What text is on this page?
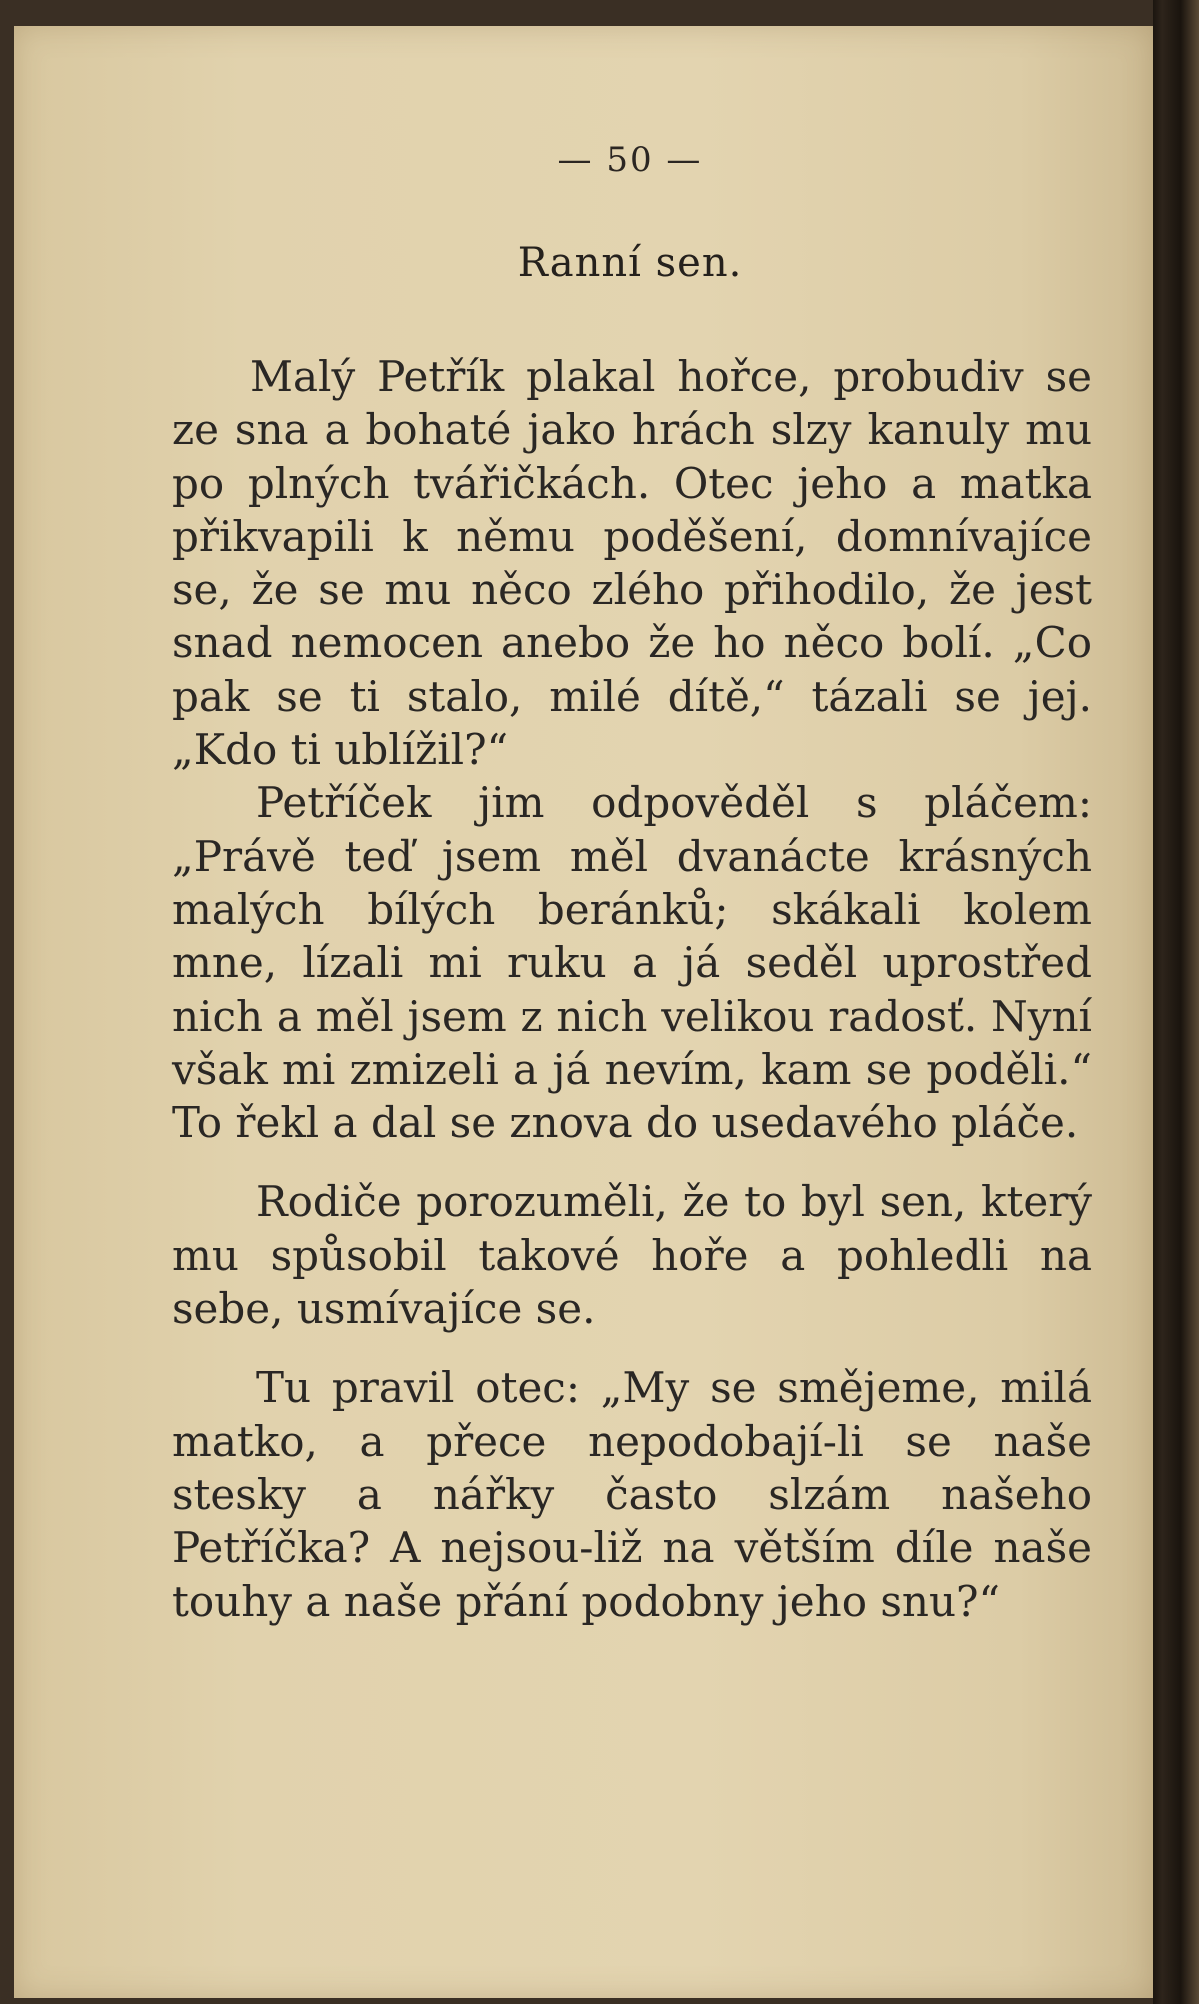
— 50 —
Ranní sen.

Malý Petřík plakal hořce, probudiv se ze sna a bohaté jako hrách slzy kanuly mu po plných tvářičkách. Otec jeho a matka přikvapili k němu poděšení, domnívajíce se, že se mu něco zlého přihodilo, že jest snad nemocen anebo že ho něco bolí. „Co pak se ti stalo, milé dítě,“ tázali se jej. „Kdo ti ublížil?“

Petříček jim odpověděl s pláčem: „Právě teď jsem měl dvanácte krásných malých bílých beránků; skákali kolem mne, lízali mi ruku a já seděl uprostřed nich a měl jsem z nich velikou radosť. Nyní však mi zmizeli a já nevím, kam se poděli.“ To řekl a dal se znova do usedavého pláče.

Rodiče porozuměli, že to byl sen, který mu spůsobil takové hoře a pohledli na sebe, usmívajíce se.

Tu pravil otec: „My se smějeme, milá matko, a přece nepodobají-li se naše stesky a nářky často slzám našeho Petříčka? A nejsou-liž na větším díle naše touhy a naše přání podobny jeho snu?“
